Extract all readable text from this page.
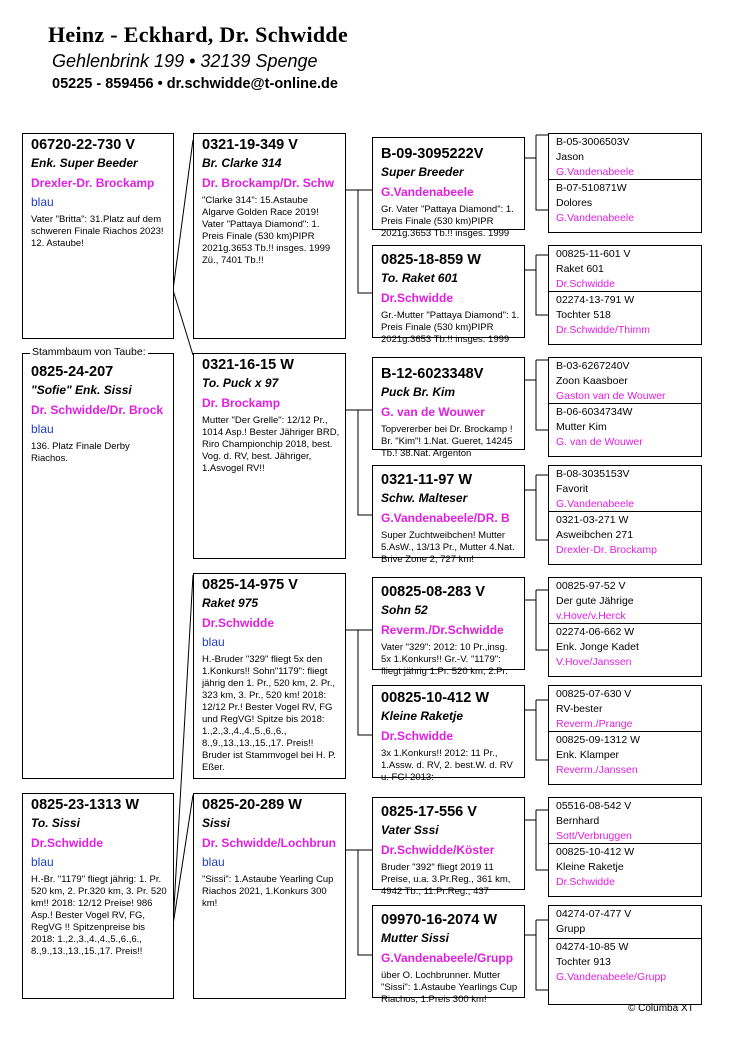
Heinz - Eckhard, Dr. Schwidde
Gehlenbrink 199 • 32139 Spenge
05225 - 859456 • dr.schwidde@t-online.de
06720-22-730 V
Enk. Super Beeder
Drexler-Dr. Brockamp
blau
Vater "Britta": 31.Platz auf dem schweren Finale Riachos 2023! 12. Astaube!
0825-24-207
"Sofie" Enk. Sissi
Dr. Schwidde/Dr. Brock
blau
136. Platz Finale Derby Riachos.
Stammbaum von Taube:
0825-23-1313 W
To. Sissi
Dr.Schwidde
blau
H.-Br. "1179" fliegt jährig: 1. Pr. 520 km, 2. Pr.320 km, 3. Pr. 520 km!! 2018: 12/12 Preise! 986 Asp.! Bester Vogel RV, FG, RegVG !! Spitzenpreise bis 2018: 1.,2.,3.,4.,4.,5.,6.,6., 8.,9.,13.,13.,15.,17. Preis!!
0321-19-349 V
Br. Clarke 314
Dr. Brockamp/Dr. Schw
"Clarke 314": 15.Astaube Algarve Golden Race 2019! Vater "Pattaya Diamond": 1. Preis Finale (530 km)PIPR 2021g.3653 Tb.!! insges. 1999 Zü., 7401 Tb.!!
0321-16-15 W
To. Puck x 97
Dr. Brockamp
Mutter "Der Grelle": 12/12 Pr., 1014 Asp.! Bester Jähriger BRD, Riro Championchip 2018, best. Vog. d. RV, best. Jähriger, 1.Asvogel RV!!
0825-14-975 V
Raket 975
Dr.Schwidde
blau
H.-Bruder "329" fliegt 5x den 1.Konkurs!! Sohn"1179": fliegt jährig den 1. Pr., 520 km, 2. Pr., 323 km, 3. Pr., 520 km! 2018: 12/12 Pr.! Bester Vogel RV, FG und RegVG! Spitze bis 2018: 1.,2.,3.,4.,4.,5.,6.,6., 8.,9.,13.,13.,15.,17. Preis!! Bruder ist Stammvogel bei H. P. Eßer.
0825-20-289 W
Sissi
Dr. Schwidde/Lochbrun
blau
"Sissi": 1.Astaube Yearling Cup Riachos 2021, 1.Konkurs 300 km!
B-09-3095222V
Super Breeder
G.Vandenabeele
Gr. Vater "Pattaya Diamond": 1. Preis Finale (530 km)PIPR 2021g.3653 Tb.!! insges. 1999
0825-18-859 W
To. Raket 601
Dr.Schwidde
Gr.-Mutter "Pattaya Diamond": 1. Preis Finale (530 km)PIPR 2021g.3653 Tb.!! insges. 1999
B-12-6023348V
Puck Br. Kim
G. van de Wouwer
Topvererber bei Dr. Brockamp ! Br. "Kim"! 1.Nat. Gueret, 14245 Tb.! 38.Nat. Argenton
0321-11-97 W
Schw. Malteser
G.Vandenabeele/DR. B
Super Zuchtweibchen! Mutter 5.AsW., 13/13 Pr., Mutter 4.Nat. Brive Zone 2, 727 km!
00825-08-283 V
Sohn 52
Reverm./Dr.Schwidde
Vater "329": 2012: 10 Pr.,insg. 5x 1.Konkurs!! Gr.-V. "1179": fliegt jährig 1.Pr. 520 km, 2.Pr.
00825-10-412 W
Kleine Raketje
Dr.Schwidde
3x 1.Konkurs!! 2012: 11 Pr., 1.Assw. d. RV, 2. best.W. d. RV u. FG! 2013:
0825-17-556 V
Vater Sssi
Dr.Schwidde/Köster
Bruder "392" fliegt 2019 11 Preise, u.a. 3.Pr.Reg., 361 km, 4942 Tb., 11.Pr.Reg., 437
09970-16-2074 W
Mutter Sissi
G.Vandenabeele/Grupp
über O. Lochbrunner. Mutter "Sissi": 1.Astaube Yearlings Cup Riachos, 1.Preis 300 km!
B-05-3006503V
Jason
G.Vandenabeele
B-07-510871W
Dolores
G.Vandenabeele
00825-11-601 V
Raket 601
Dr.Schwidde
02274-13-791 W
Tochter 518
Dr.Schwidde/Thimm
B-03-6267240V
Zoon Kaasboer
Gaston van de Wouwer
B-06-6034734W
Mutter Kim
G. van de Wouwer
B-08-3035153V
Favorit
G.Vandenabeele
0321-03-271 W
Asweibchen 271
Drexler-Dr. Brockamp
00825-97-52 V
Der gute Jährige
v.Hove/v.Herck
02274-06-662 W
Enk. Jonge Kadet
V.Hove/Janssen
00825-07-630 V
RV-bester
Reverm./Prange
00825-09-1312 W
Enk. Klamper
Reverm./Janssen
05516-08-542 V
Bernhard
Sott/Verbruggen
00825-10-412 W
Kleine Raketje
Dr.Schwidde
04274-07-477 V
Grupp
04274-10-85 W
Tochter 913
G.Vandenabeele/Grupp
© Columba XT
